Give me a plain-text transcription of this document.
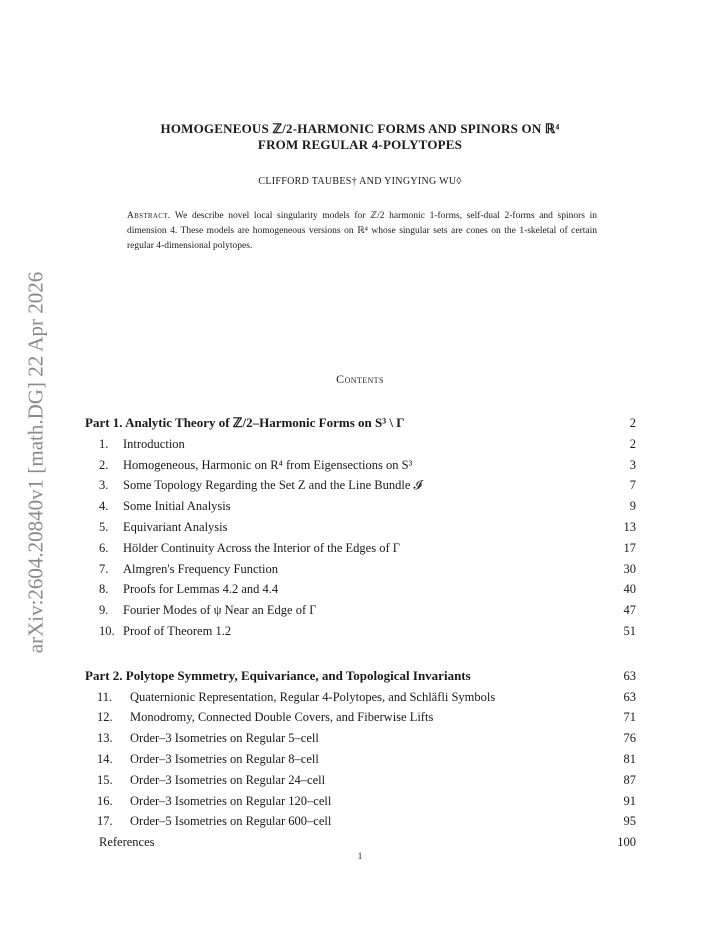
arXiv:2604.20840v1 [math.DG] 22 Apr 2026
HOMOGENEOUS ℤ/2-HARMONIC FORMS AND SPINORS ON ℝ⁴
FROM REGULAR 4-POLYTOPES
CLIFFORD TAUBES† AND YINGYING WU◊
Abstract. We describe novel local singularity models for ℤ/2 harmonic 1-forms, self-dual 2-forms and spinors in dimension 4. These models are homogeneous versions on ℝ⁴ whose singular sets are cones on the 1-skeletal of certain regular 4-dimensional polytopes.
Contents
Part 1. Analytic Theory of ℤ/2–Harmonic Forms on S³ \ Γ	2
1. Introduction	2
2. Homogeneous, Harmonic on R⁴ from Eigensections on S³	3
3. Some Topology Regarding the Set Z and the Line Bundle 𝓘	7
4. Some Initial Analysis	9
5. Equivariant Analysis	13
6. Hölder Continuity Across the Interior of the Edges of Γ	17
7. Almgren's Frequency Function	30
8. Proofs for Lemmas 4.2 and 4.4	40
9. Fourier Modes of ψ Near an Edge of Γ	47
10. Proof of Theorem 1.2	51
Part 2. Polytope Symmetry, Equivariance, and Topological Invariants	63
11. Quaternionic Representation, Regular 4-Polytopes, and Schläfli Symbols	63
12. Monodromy, Connected Double Covers, and Fiberwise Lifts	71
13. Order–3 Isometries on Regular 5–cell	76
14. Order–3 Isometries on Regular 8–cell	81
15. Order–3 Isometries on Regular 24–cell	87
16. Order–3 Isometries on Regular 120–cell	91
17. Order–5 Isometries on Regular 600–cell	95
References	100
1
